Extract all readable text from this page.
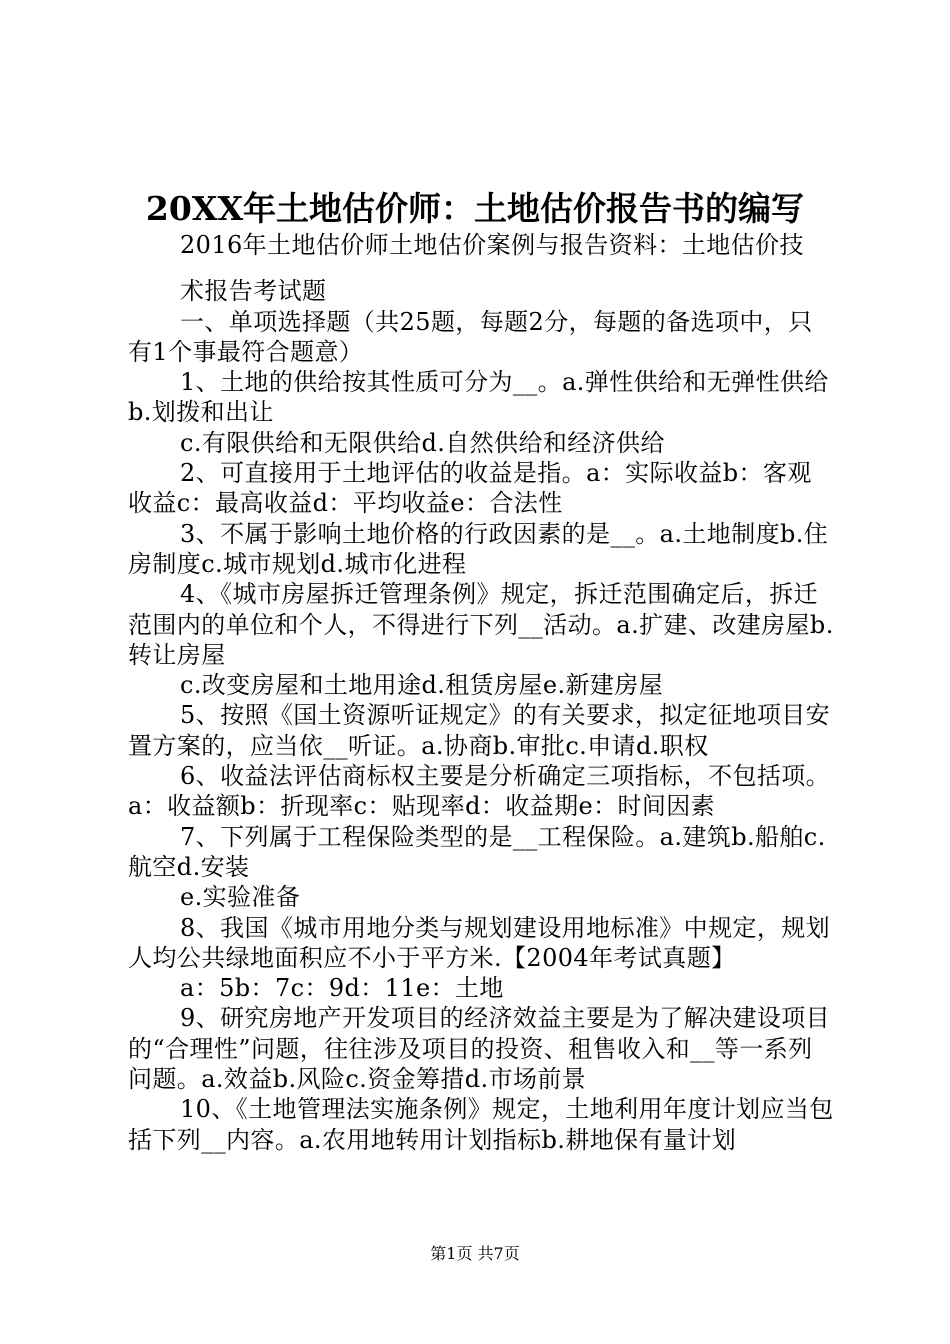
20XX年土地估价师：土地估价报告书的编写

2016年土地估价师土地估价案例与报告资料：土地估价技

术报告考试题

一、单项选择题（共25题，每题2分，每题的备选项中，只有1个事最符合题意）

1、土地的供给按其性质可分为__。a.弹性供给和无弹性供给b.划拨和出让

c.有限供给和无限供给d.自然供给和经济供给

2、可直接用于土地评估的收益是指。a：实际收益b：客观收益c：最高收益d：平均收益e：合法性

3、不属于影响土地价格的行政因素的是__。a.土地制度b.住房制度c.城市规划d.城市化进程

4、《城市房屋拆迁管理条例》规定，拆迁范围确定后，拆迁范围内的单位和个人，不得进行下列__活动。a.扩建、改建房屋b.转让房屋

c.改变房屋和土地用途d.租赁房屋e.新建房屋

5、按照《国土资源听证规定》的有关要求，拟定征地项目安置方案的，应当依__听证。a.协商b.审批c.申请d.职权

6、收益法评估商标权主要是分析确定三项指标，不包括项。a：收益额b：折现率c：贴现率d：收益期e：时间因素

7、下列属于工程保险类型的是__工程保险。a.建筑b.船舶c.航空d.安装

e.实验准备

8、我国《城市用地分类与规划建设用地标准》中规定，规划人均公共绿地面积应不小于平方米.【2004年考试真题】

a：5b：7c：9d：11e：土地

9、研究房地产开发项目的经济效益主要是为了解决建设项目的“合理性”问题，往往涉及项目的投资、租售收入和__等一系列问题。a.效益b.风险c.资金筹措d.市场前景

10、《土地管理法实施条例》规定，土地利用年度计划应当包括下列__内容。a.农用地转用计划指标b.耕地保有量计划

第1页 共7页
